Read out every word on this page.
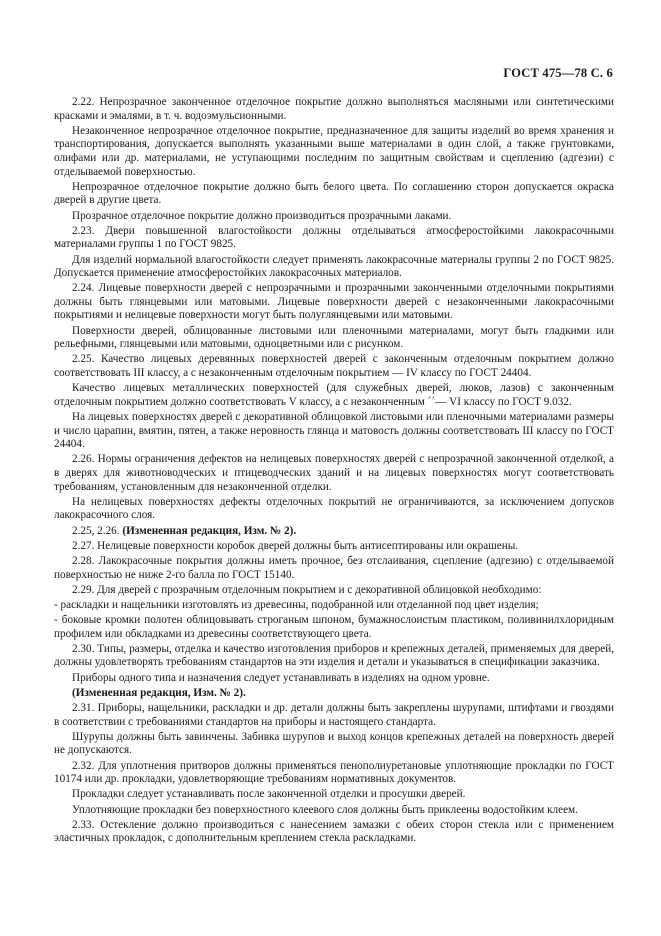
ГОСТ 475—78 С. 6

2.22. Непрозрачное законченное отделочное покрытие должно выполняться масляными или синтетическими красками и эмалями, в т. ч. водоэмульсионными.

Незаконченное непрозрачное отделочное покрытие, предназначенное для защиты изделий во время хранения и транспортирования, допускается выполнять указанными выше материалами в один слой, а также грунтовками, олифами или др. материалами, не уступающими последним по защитным свойствам и сцеплению (адгезии) с отделываемой поверхностью.

Непрозрачное отделочное покрытие должно быть белого цвета. По соглашению сторон допускается окраска дверей в другие цвета.

Прозрачное отделочное покрытие должно производиться прозрачными лаками.

2.23. Двери повышенной влагостойкости должны отделываться атмосферостойкими лакокрасочными материалами группы 1 по ГОСТ 9825.

Для изделий нормальной влагостойкости следует применять лакокрасочные материалы группы 2 по ГОСТ 9825. Допускается применение атмосферостойких лакокрасочных материалов.

2.24. Лицевые поверхности дверей с непрозрачными и прозрачными законченными отделочными покрытиями должны быть глянцевыми или матовыми. Лицевые поверхности дверей с незаконченными лакокрасочными покрытиями и нелицевые поверхности могут быть полуглянцевыми или матовыми.

Поверхности дверей, облицованные листовыми или пленочными материалами, могут быть гладкими или рельефными, глянцевыми или матовыми, одноцветными или с рисунком.

2.25. Качество лицевых деревянных поверхностей дверей с законченным отделочным покрытием должно соответствовать III классу, а с незаконченным отделочным покрытием — IV классу по ГОСТ 24404.

Качество лицевых металлических поверхностей (для служебных дверей, люков, лазов) с законченным отделочным покрытием должно соответствовать V классу, а с незаконченным ´´— VI классу по ГОСТ 9.032.

На лицевых поверхностях дверей с декоративной облицовкой листовыми или пленочными материалами размеры и число царапин, вмятин, пятен, а также неровность глянца и матовость должны соответствовать III классу по ГОСТ 24404.

2.26. Нормы ограничения дефектов на нелицевых поверхностях дверей с непрозрачной законченной отделкой, а в дверях для животноводческих и птицеводческих зданий и на лицевых поверхностях могут соответствовать требованиям, установленным для незаконченной отделки.

На нелицевых поверхностях дефекты отделочных покрытий не ограничиваются, за исключением допусков лакокрасочного слоя.

2.25, 2.26. (Измененная редакция, Изм. № 2).

2.27. Нелицевые поверхности коробок дверей должны быть антисептированы или окрашены.

2.28. Лакокрасочные покрытия должны иметь прочное, без отслаивания, сцепление (адгезию) с отделываемой поверхностью не ниже 2-го балла по ГОСТ 15140.

2.29. Для дверей с прозрачным отделочным покрытием и с декоративной облицовкой необходимо:

- раскладки и нащельники изготовлять из древесины, подобранной или отделанной под цвет изделия;

- боковые кромки полотен облицовывать строганым шпоном, бумажнослоистым пластиком, поливинилхлоридным профилем или обкладками из древесины соответствующего цвета.

2.30. Типы, размеры, отделка и качество изготовления приборов и крепежных деталей, применяемых для дверей, должны удовлетворять требованиям стандартов на эти изделия и детали и указываться в спецификации заказчика.

Приборы одного типа и назначения следует устанавливать в изделиях на одном уровне.

(Измененная редакция, Изм. № 2).

2.31. Приборы, нащельники, раскладки и др. детали должны быть закреплены шурупами, штифтами и гвоздями в соответствии с требованиями стандартов на приборы и настоящего стандарта.

Шурупы должны быть завинчены. Забивка шурупов и выход концов крепежных деталей на поверхность дверей не допускаются.

2.32. Для уплотнения притворов должны применяться пенополиуретановые уплотняющие прокладки по ГОСТ 10174 или др. прокладки, удовлетворяющие требованиям нормативных документов.

Прокладки следует устанавливать после законченной отделки и просушки дверей.

Уплотняющие прокладки без поверхностного клеевого слоя должны быть приклеены водостойким клеем.

2.33. Остекление должно производиться с нанесением замазки с обеих сторон стекла или с применением эластичных прокладок, с дополнительным креплением стекла раскладками.
